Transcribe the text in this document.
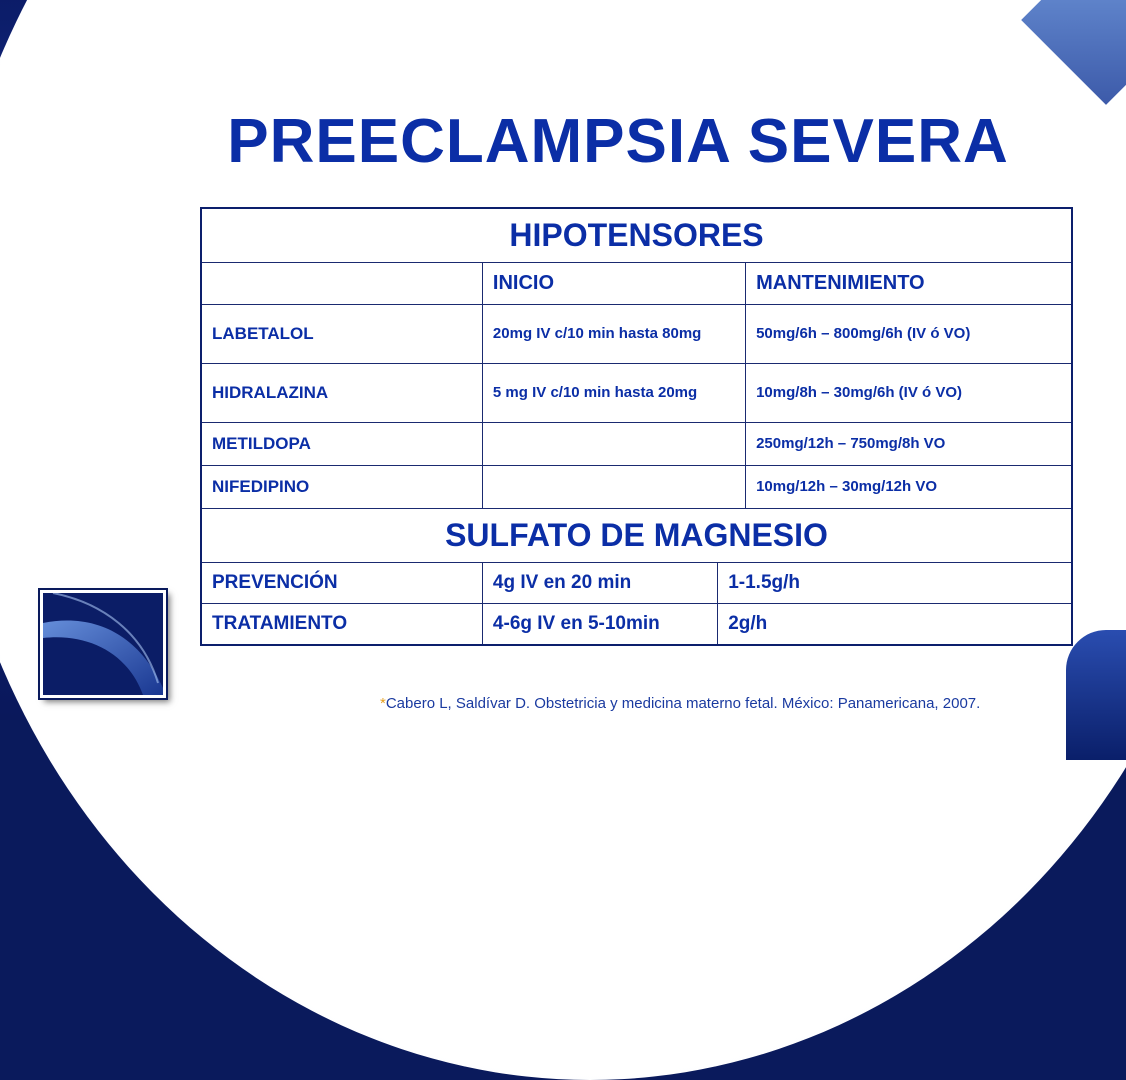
PREECLAMPSIA SEVERA
HIPOTENSORES			
	INICIO		MANTENIMIENTO
LABETALOL	20mg IV c/10 min hasta 80mg		50mg/6h – 800mg/6h (IV ó VO)
HIDRALAZINA	5 mg IV c/10 min hasta 20mg		10mg/8h – 30mg/6h (IV ó VO)
METILDOPA			250mg/12h – 750mg/8h VO
NIFEDIPINO			10mg/12h – 30mg/12h VO
SULFATO DE MAGNESIO			
PREVENCIÓN	4g IV en 20 min	1-1.5g/h	
TRATAMIENTO	4-6g IV en 5-10min	2g/h	
*Cabero L, Saldívar D. Obstetricia y medicina materno fetal. México: Panamericana, 2007.
